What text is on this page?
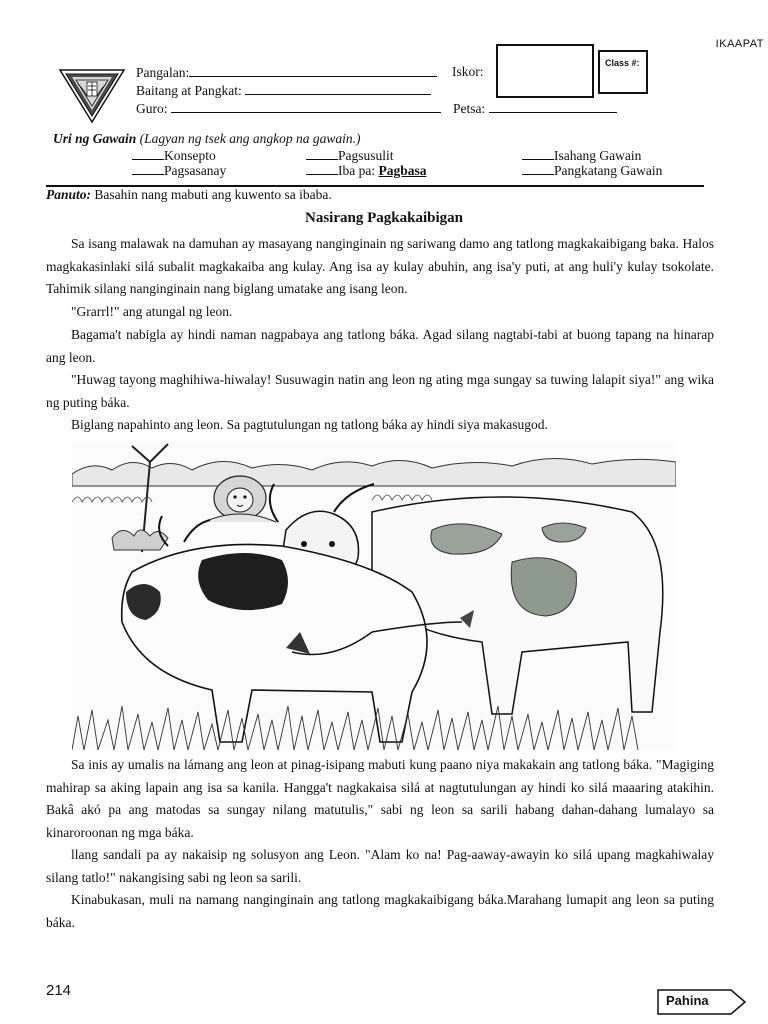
IKAAPAT
Pangalan:	Iskor:
Class #:
Baitang at Pangkat:
Guro:	Petsa:
Uri ng Gawain (Lagyan ng tsek ang angkop na gawain.)
Konsepto	Pagsusulit	Isahang Gawain
Pagsasanay	Iba pa: Pagbasa	Pangkatang Gawain
Panuto: Basahin nang mabuti ang kuwento sa ibaba.
Nasirang Pagkakaibigan

Sa isang malawak na damuhan ay masayang nanginginain ng sariwang damo ang tatlong magkakaibigang baka. Halos magkakasinlaki silá subalit magkakaiba ang kulay. Ang isa ay kulay abuhin, ang isa'y puti, at ang huli'y kulay tsokolate. Tahimik silang nanginginain nang biglang umatake ang isang leon.

"Grarrl!" ang atungal ng leon.

Bagama't nabigla ay hindi naman nagpabaya ang tatlong báka. Agad silang nagtabi-tabi at buong tapang na hinarap ang leon.

"Huwag tayong maghihiwa-hiwalay! Susuwagin natin ang leon ng ating mga sungay sa tuwing lalapit siya!" ang wika ng puting báka.

Biglang napahinto ang leon. Sa pagtutulungan ng tatlong báka ay hindi siya makasugod.

Sa inis ay umalis na lámang ang leon at pinag-isipang mabuti kung paano niya makakain ang tatlong báka. "Magiging mahirap sa aking lapain ang isa sa kanila. Hangga't nagkakaisa silá at nagtutulungan ay hindi ko silá maaaring atakihin. Bakâ akó pa ang matodas sa sungay nilang matutulis," sabi ng leon sa sarili habang dahan-dahang lumalayo sa kinaroroonan ng mga báka.

llang sandali pa ay nakaisip ng solusyon ang Leon. "Alam ko na! Pag-aaway-awayin ko silá upang magkahiwalay silang tatlo!" nakangising sabi ng leon sa sarili.

Kinabukasan, muli na namang nanginginain ang tatlong magkakaibigang báka.Marahang lumapit ang leon sa puting báka.

214
Pahina
